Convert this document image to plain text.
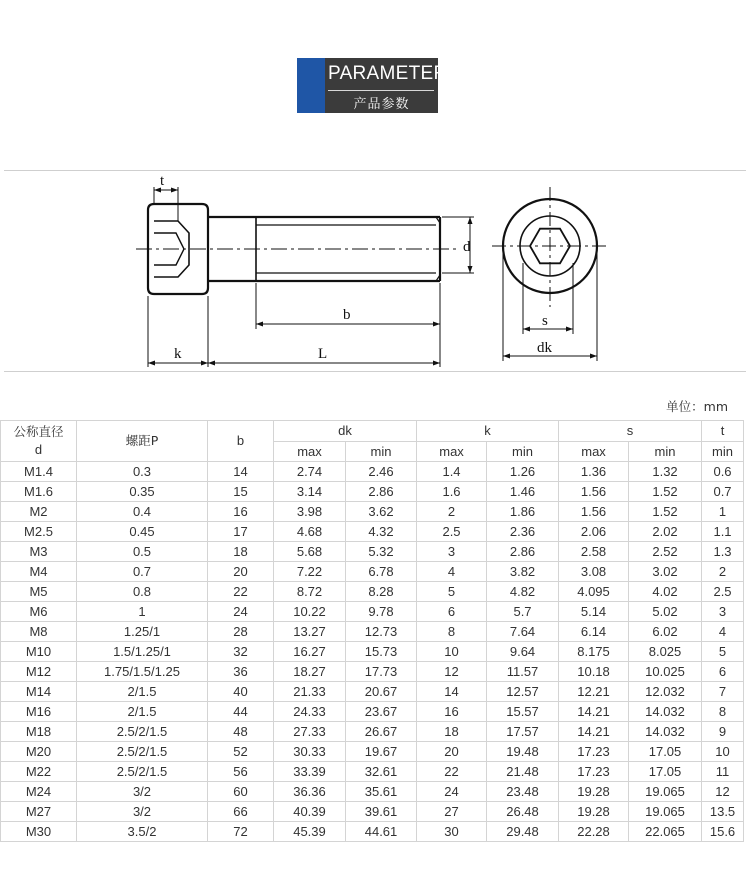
PARAMETER
产品参数
t
k	L
b
d
s
dk
单位：mm
公称直径
d	螺距P	b	dk		k		s		t
			max	min	max	min	max	min	min
M1.4	0.3	14	2.74	2.46	1.4	1.26	1.36	1.32	0.6
M1.6	0.35	15	3.14	2.86	1.6	1.46	1.56	1.52	0.7
M2	0.4	16	3.98	3.62	2	1.86	1.56	1.52	1
M2.5	0.45	17	4.68	4.32	2.5	2.36	2.06	2.02	1.1
M3	0.5	18	5.68	5.32	3	2.86	2.58	2.52	1.3
M4	0.7	20	7.22	6.78	4	3.82	3.08	3.02	2
M5	0.8	22	8.72	8.28	5	4.82	4.095	4.02	2.5
M6	1	24	10.22	9.78	6	5.7	5.14	5.02	3
M8	1.25/1	28	13.27	12.73	8	7.64	6.14	6.02	4
M10	1.5/1.25/1	32	16.27	15.73	10	9.64	8.175	8.025	5
M12	1.75/1.5/1.25	36	18.27	17.73	12	11.57	10.18	10.025	6
M14	2/1.5	40	21.33	20.67	14	12.57	12.21	12.032	7
M16	2/1.5	44	24.33	23.67	16	15.57	14.21	14.032	8
M18	2.5/2/1.5	48	27.33	26.67	18	17.57	14.21	14.032	9
M20	2.5/2/1.5	52	30.33	19.67	20	19.48	17.23	17.05	10
M22	2.5/2/1.5	56	33.39	32.61	22	21.48	17.23	17.05	11
M24	3/2	60	36.36	35.61	24	23.48	19.28	19.065	12
M27	3/2	66	40.39	39.61	27	26.48	19.28	19.065	13.5
M30	3.5/2	72	45.39	44.61	30	29.48	22.28	22.065	15.6
